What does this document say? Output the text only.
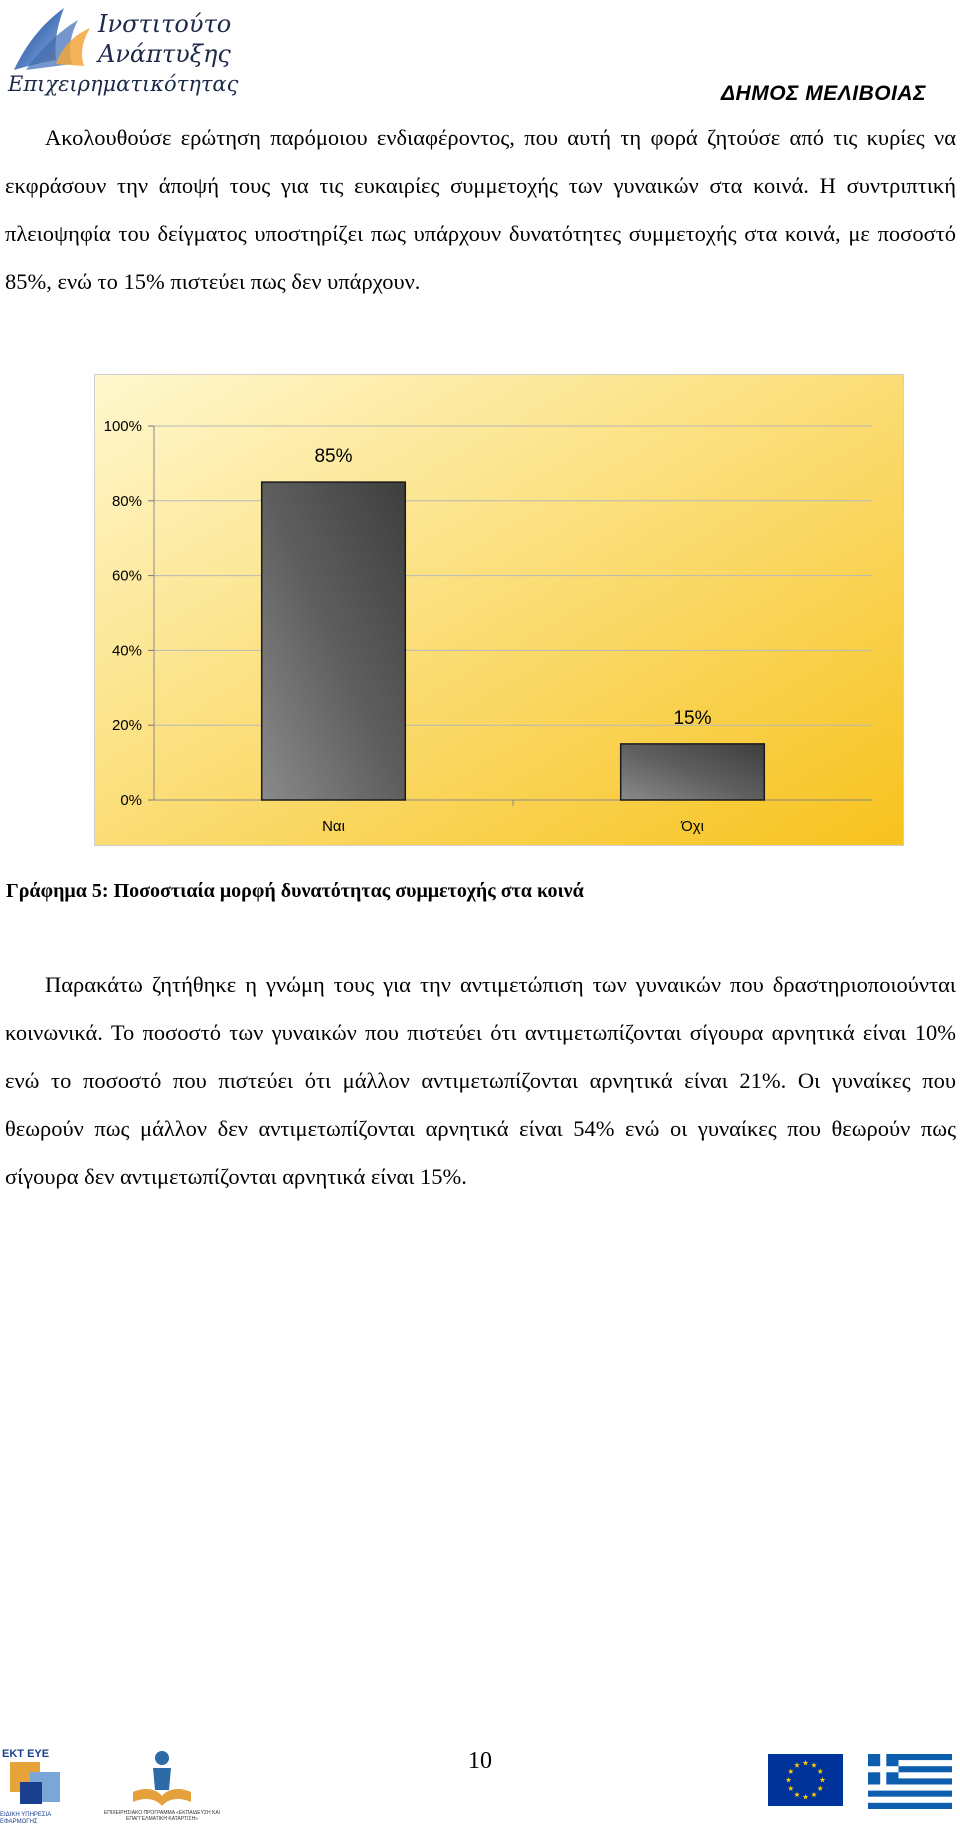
Ινστιτούτο
Ανάπτυξης
Επιχειρηματικότητας	ΔΗΜΟΣ ΜΕΛΙΒΟΙΑΣ

Ακολουθούσε ερώτηση παρόμοιου ενδιαφέροντος, που αυτή τη φορά ζητούσε από τις κυρίες να εκφράσουν την άποψή τους για τις ευκαιρίες συμμετοχής των γυναικών στα κοινά. Η συντριπτική πλειοψηφία του δείγματος υποστηρίζει πως υπάρχουν δυνατότητες συμμετοχής στα κοινά, με ποσοστό 85%, ενώ το 15% πιστεύει πως δεν υπάρχουν.

0%
20%
40%
60%
80%
100%
85%
Ναι
15%
Όχι
Γράφημα 5: Ποσοστιαία μορφή δυνατότητας συμμετοχής στα κοινά

Παρακάτω ζητήθηκε η γνώμη τους για την αντιμετώπιση των γυναικών που δραστηριοποιούνται κοινωνικά. Το ποσοστό των γυναικών που πιστεύει ότι αντιμετωπίζονται σίγουρα αρνητικά είναι 10% ενώ το ποσοστό που πιστεύει ότι μάλλον αντιμετωπίζονται αρνητικά είναι 21%. Οι γυναίκες που θεωρούν πως μάλλον δεν αντιμετωπίζονται αρνητικά είναι 54% ενώ οι γυναίκες που θεωρούν πως σίγουρα δεν αντιμετωπίζονται αρνητικά είναι 15%.

ΕΚΤ ΕΥΕ
ΕΙΔΙΚΗ ΥΠΗΡΕΣΙΑ ΕΦΑΡΜΟΓΗΣ
ΕΠΙΧΕΙΡΗΣΙΑΚΟ ΠΡΟΓΡΑΜΜΑ «ΕΚΠΑΙΔΕΥΣΗ ΚΑΙ ΕΠΑΓΓΕΛΜΑΤΙΚΗ ΚΑΤΑΡΤΙΣΗ»
10
